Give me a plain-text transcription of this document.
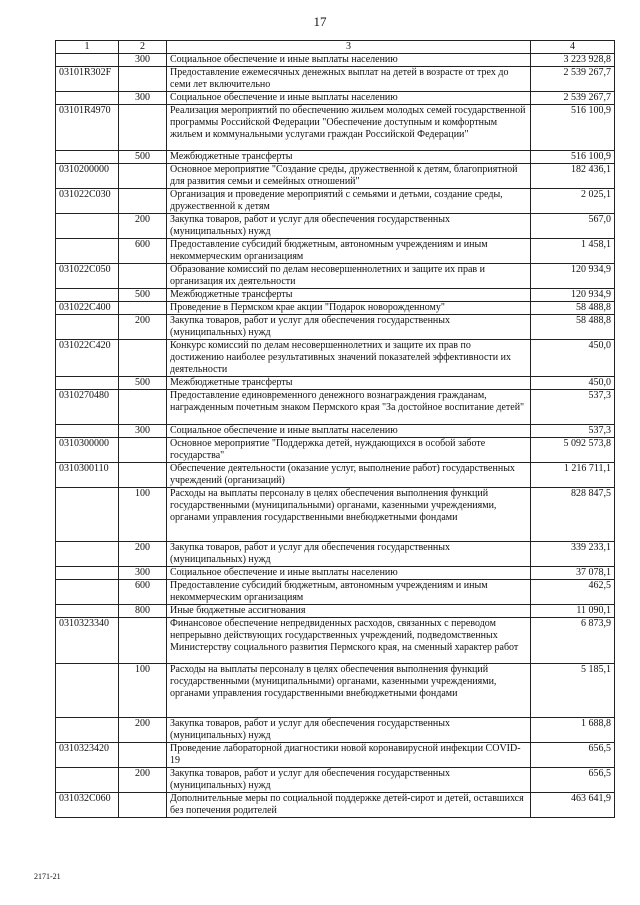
17
1	2	3	4
	300	Социальное обеспечение и иные выплаты населению	3 223 928,8
03101R302F		Предоставление ежемесячных денежных выплат на детей в возрасте от трех до семи лет включительно	2 539 267,7
	300	Социальное обеспечение и иные выплаты населению	2 539 267,7
03101R4970		Реализация мероприятий по обеспечению жильем молодых семей государственной программы Российской Федерации "Обеспечение доступным и комфортным жильем и коммунальными услугами граждан Российской Федерации"	516 100,9
	500	Межбюджетные трансферты	516 100,9
0310200000		Основное мероприятие "Создание среды, дружественной к детям, благоприятной для развития семьи и семейных отношений"	182 436,1
031022C030		Организация и проведение мероприятий с семьями и детьми, создание среды, дружественной к детям	2 025,1
	200	Закупка товаров, работ и услуг для обеспечения государственных (муниципальных) нужд	567,0
	600	Предоставление субсидий бюджетным, автономным учреждениям и иным некоммерческим организациям	1 458,1
031022C050		Образование комиссий по делам несовершеннолетних и защите их прав и организация их деятельности	120 934,9
	500	Межбюджетные трансферты	120 934,9
031022C400		Проведение в Пермском крае акции "Подарок новорожденному"	58 488,8
	200	Закупка товаров, работ и услуг для обеспечения государственных (муниципальных) нужд	58 488,8
031022C420		Конкурс комиссий по делам несовершеннолетних и защите их прав по достижению наиболее результативных значений показателей эффективности их деятельности	450,0
	500	Межбюджетные трансферты	450,0
0310270480		Предоставление единовременного денежного вознаграждения гражданам, награжденным почетным знаком Пермского края "За достойное воспитание детей"	537,3
	300	Социальное обеспечение и иные выплаты населению	537,3
0310300000		Основное мероприятие "Поддержка детей, нуждающихся в особой заботе государства"	5 092 573,8
0310300110		Обеспечение деятельности (оказание услуг, выполнение работ) государственных учреждений (организаций)	1 216 711,1
	100	Расходы на выплаты персоналу в целях обеспечения выполнения функций государственными (муниципальными) органами, казенными учреждениями, органами управления государственными внебюджетными фондами	828 847,5
	200	Закупка товаров, работ и услуг для обеспечения государственных (муниципальных) нужд	339 233,1
	300	Социальное обеспечение и иные выплаты населению	37 078,1
	600	Предоставление субсидий бюджетным, автономным учреждениям и иным некоммерческим организациям	462,5
	800	Иные бюджетные ассигнования	11 090,1
0310323340		Финансовое обеспечение непредвиденных расходов, связанных с переводом непрерывно действующих государственных учреждений, подведомственных Министерству социального развития Пермского края, на сменный характер работ	6 873,9
	100	Расходы на выплаты персоналу в целях обеспечения выполнения функций государственными (муниципальными) органами, казенными учреждениями, органами управления государственными внебюджетными фондами	5 185,1
	200	Закупка товаров, работ и услуг для обеспечения государственных (муниципальных) нужд	1 688,8
0310323420		Проведение лабораторной диагностики новой коронавирусной инфекции COVID-19	656,5
	200	Закупка товаров, работ и услуг для обеспечения государственных (муниципальных) нужд	656,5
031032C060		Дополнительные меры по социальной поддержке детей-сирот и детей, оставшихся без попечения родителей	463 641,9
2171-21
